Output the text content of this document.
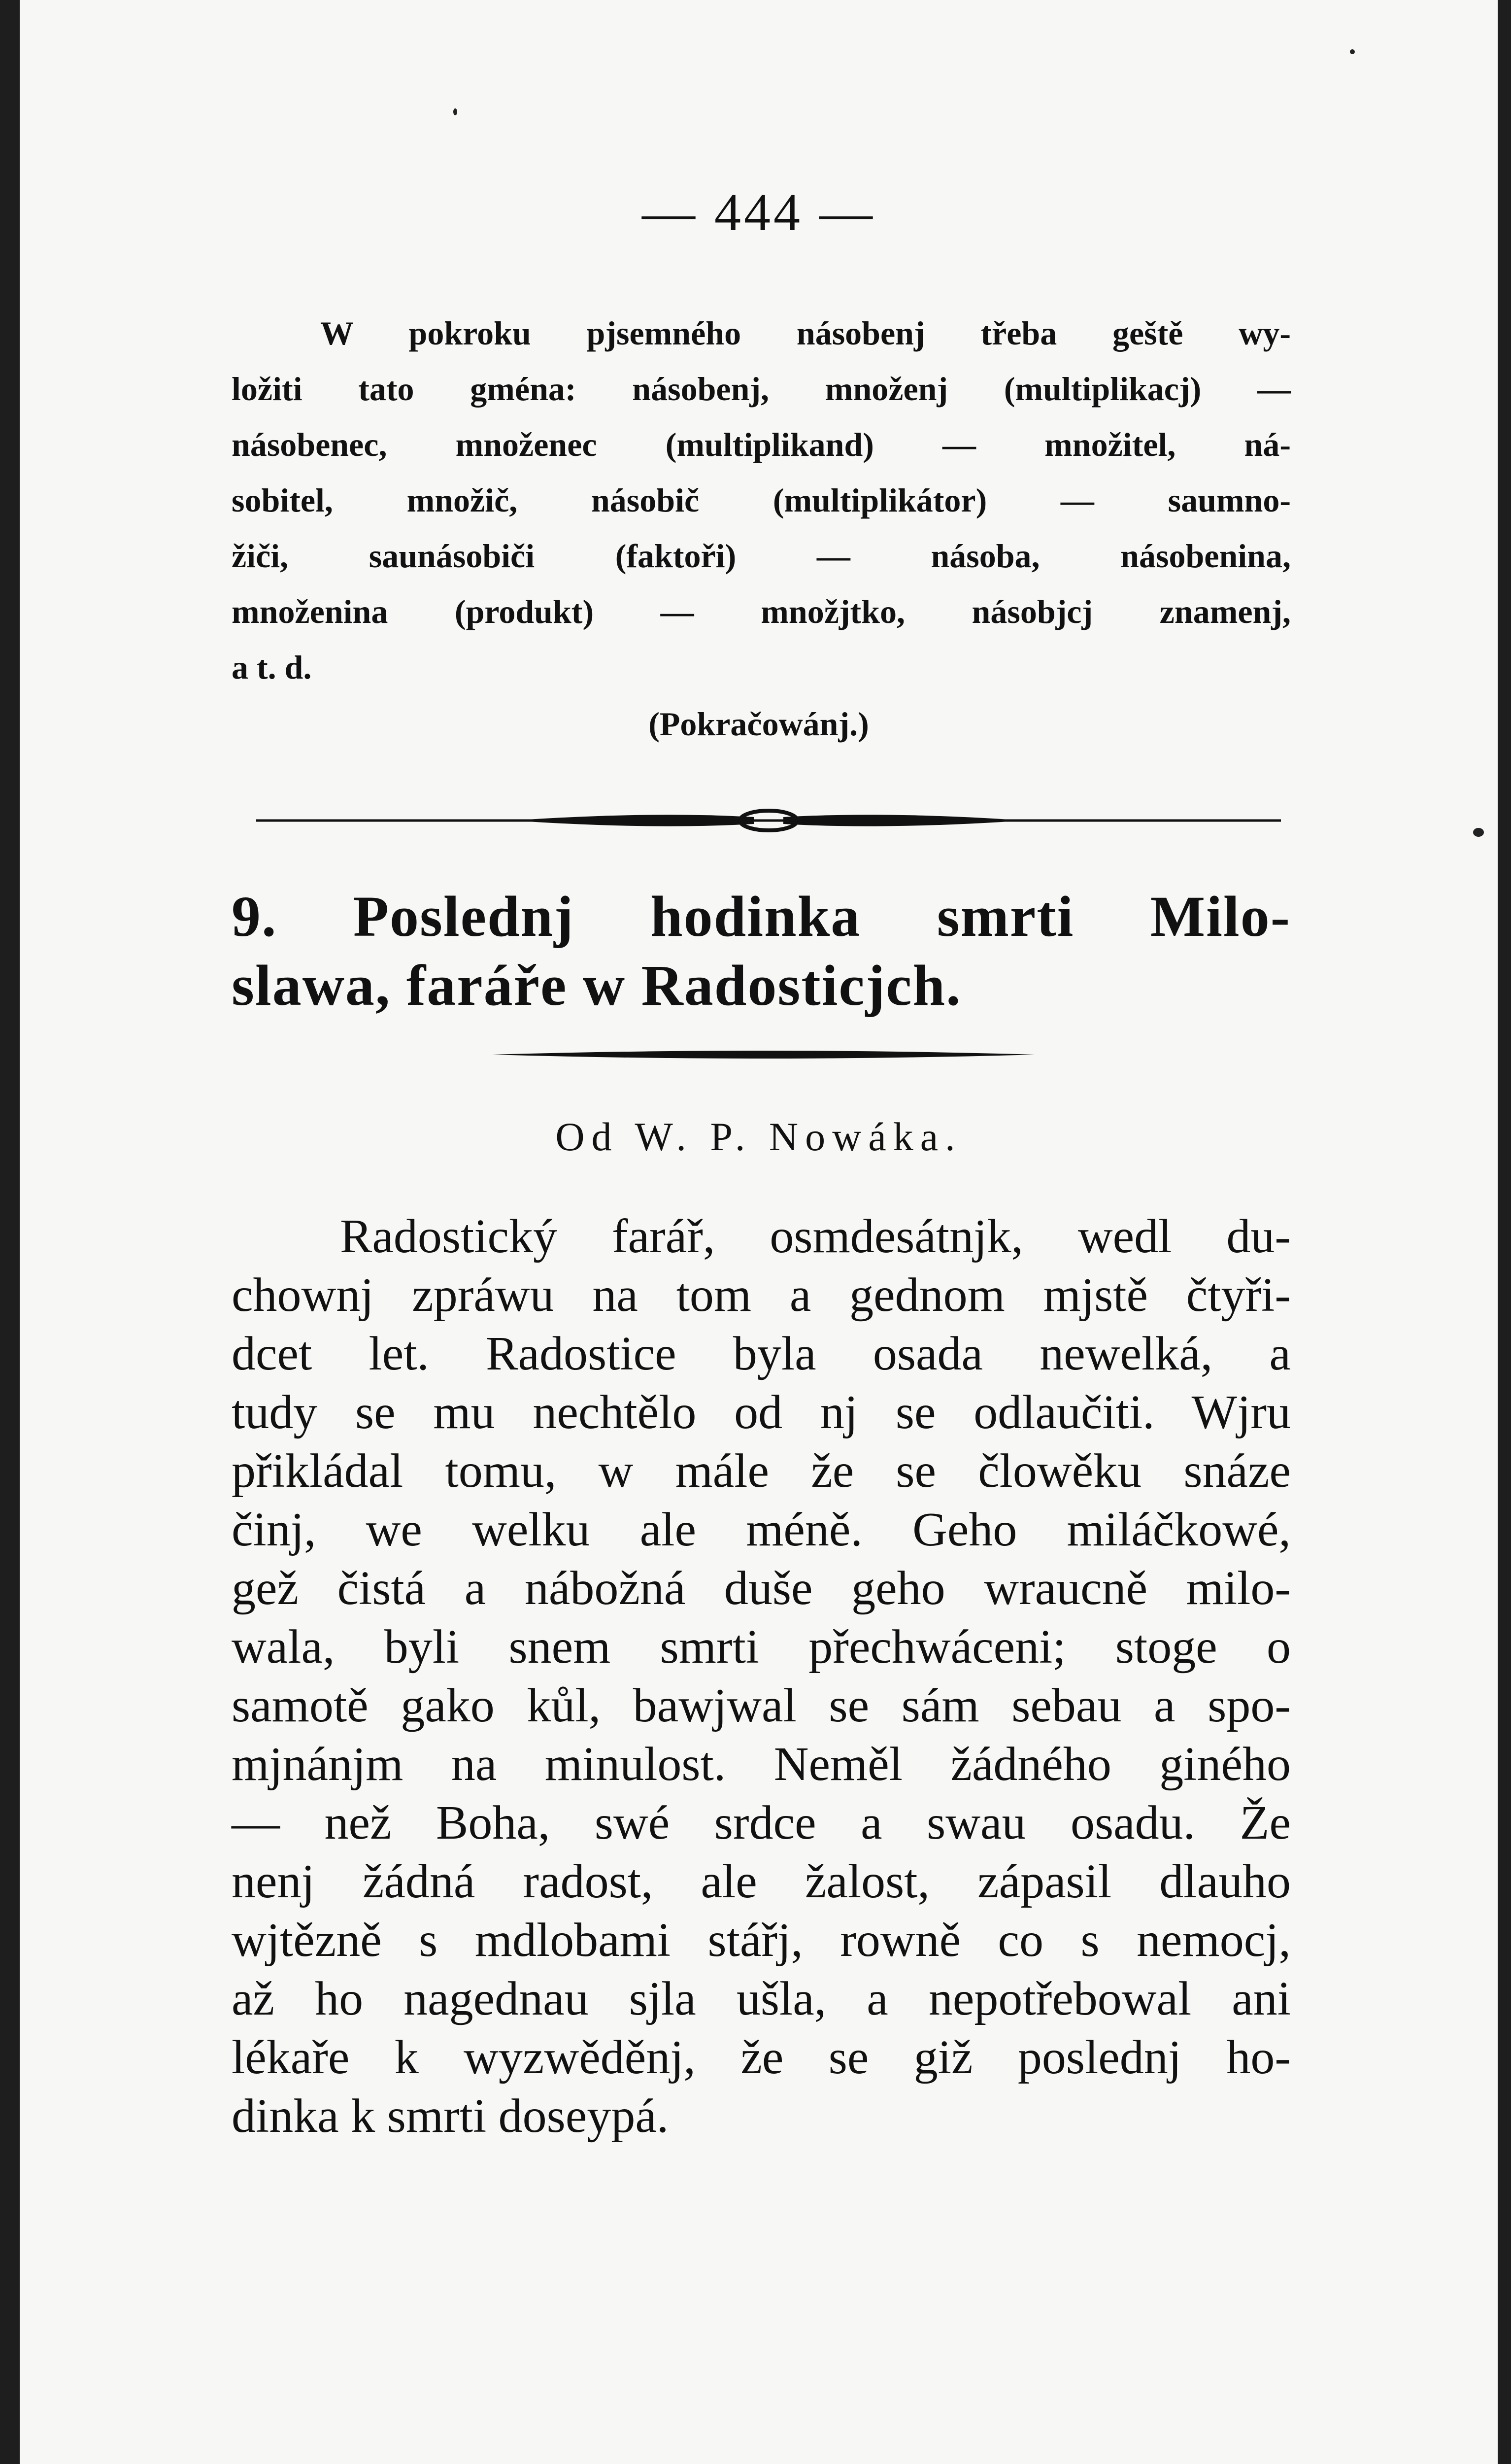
— 444 —
W pokroku pjsemného násobenj třeba geště wy-
ložiti tato gména: násobenj, množenj (multiplikacj) —
násobenec, množenec (multiplikand) — množitel, ná-
sobitel, množič, násobič (multiplikátor) — saumno-
žiči, saunásobiči (faktoři) — násoba, násobenina,
množenina (produkt) — množjtko, násobjcj znamenj,
a t. d.
(Pokračowánj.)
9. Poslednj hodinka smrti Milo-
slawa, faráře w Radosticjch.
Od W. P. Nowáka.
Radostický farář, osmdesátnjk, wedl du-
chownj zpráwu na tom a gednom mjstě čtyři-
dcet let. Radostice byla osada newelká, a
tudy se mu nechtělo od nj se odlaučiti. Wjru
přikládal tomu, w mále že se člowěku snáze
činj, we welku ale méně. Geho miláčkowé,
gež čistá a nábožná duše geho wraucně milo-
wala, byli snem smrti přechwáceni; stoge o
samotě gako kůl, bawjwal se sám sebau a spo-
mjnánjm na minulost. Neměl žádného giného
— než Boha, swé srdce a swau osadu. Že
nenj žádná radost, ale žalost, zápasil dlauho
wjtězně s mdlobami stářj, rowně co s nemocj,
až ho nagednau sjla ušla, a nepotřebowal ani
lékaře k wyzwěděnj, že se giž poslednj ho-
dinka k smrti doseypá.
